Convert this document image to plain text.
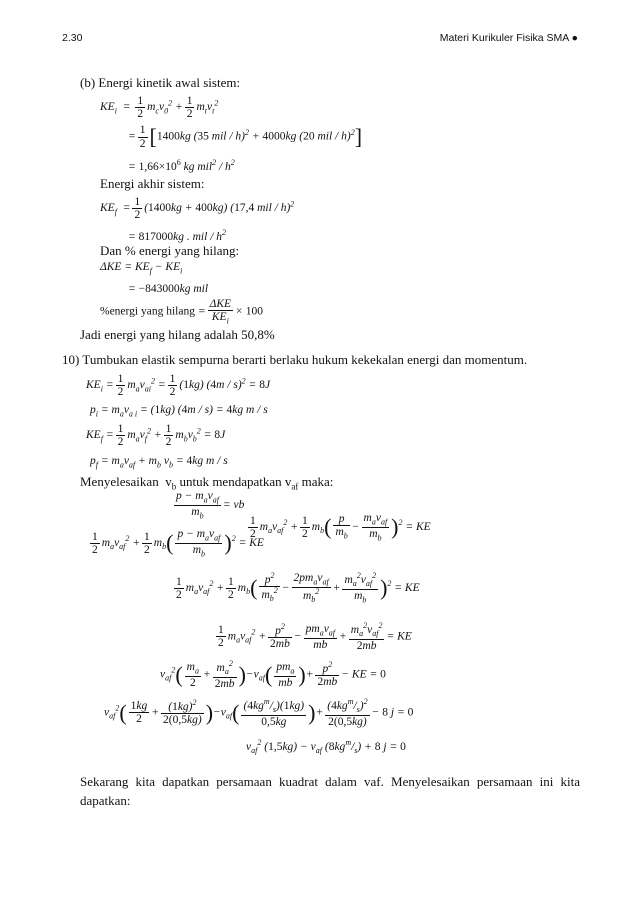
2.30	Materi Kurikuler Fisika SMA ●
(b) Energi kinetik awal sistem:
$KE_i = \frac{1}{2} m_cv_0^2 + \frac{1}{2} m_tv_t^2$
= $\frac{1}{2} [1400kg$ (35 mil / h)$^2$ + 4000kg (20 mil / h)$^2$]
= $1,66\times 10^6$ kg $mil^2 / h^2$
Energi akhir sistem:
$KE_f = \frac{1}{2} (1400kg + 400kg)$ (17,4 mil / h)$^2$
= 817000kg . mil / $h^2$
Dan % energi yang hilang:
$\Delta KE = KE_f - KE_i$
= −843000kg mil
%energi yang hilang = $\frac{\text{ΔKE}}{KE_i} \times 100$
Jadi energi yang hilang adalah 50,8%
10) Tumbukan elastik sempurna berarti berlaku hukum kekekalan energi dan momentum.
$KE_i = \frac{1}{2} m_av_{ai}^2 = \frac{1}{2} (1kg)$ (4m / s)$^2$ = 8J
$p_i = m_av_{a i} = (1kg)$ (4m / s) = 4kg m / s
$KE_f = \frac{1}{2} m_av_f^2 + \frac{1}{2} m_bv_b^2 = 8J$
$p_f = m_av_{af} + m_b$ $v_b = 4kg$ m / s
Menyelesaikan  $v_b$ untuk mendapatkan $v_{af}$ maka:
$\frac{p - m_av_{af}}{m_b}$ = vb
$\frac{1}{2} m_av_{af}^2 + \frac{1}{2} m_b( \frac{p}{m_b} - \frac{m_av_{af}}{m_b} )^2$ = KE
$\frac{1}{2} m_av_{af}^2 + \frac{1}{2} m_b( \frac{p - m_av_{af}}{m_b} )^2$ = KE
$\frac{1}{2} m_av_{af}^2 + \frac{1}{2} m_b( \frac{p^2}{m_b^2} - \frac{2pm_av_{af}}{m_b^2} + \frac{m_a^2v_{af}^2}{m_b} )^2$ = KE
$\frac{1}{2} m_av_{af}^2 + \frac{p^2}{2mb} - \frac{pm_av_{af}}{mb} + \frac{m_a^2v_{af}^2}{2mb}$ = KE
$v_{af}^2( \frac{m_a}{2} + \frac{m_a^2}{2mb} )-v_{af}( \frac{pm_a}{mb}$ )+ $\frac{p^2}{2mb}$ − KE = 0
$v_{af}^2( \frac{1kg}{2} + \frac{(1kg)^2}{2(0,5kg)} )-v_{af}( \frac{(4kg^m/_s)(1kg)}{0,5kg}$ )+ $\frac{(4kg^m/_s)^2}{2(0,5kg)} - 8$ j = 0
$v_{af}^2$ $(1,5kg) - v_{af}$ $(8kg^m/_s) + 8$ j = 0
Sekarang kita dapatkan persamaan kuadrat dalam vaf. Menyelesaikan persamaan ini kita dapatkan:
